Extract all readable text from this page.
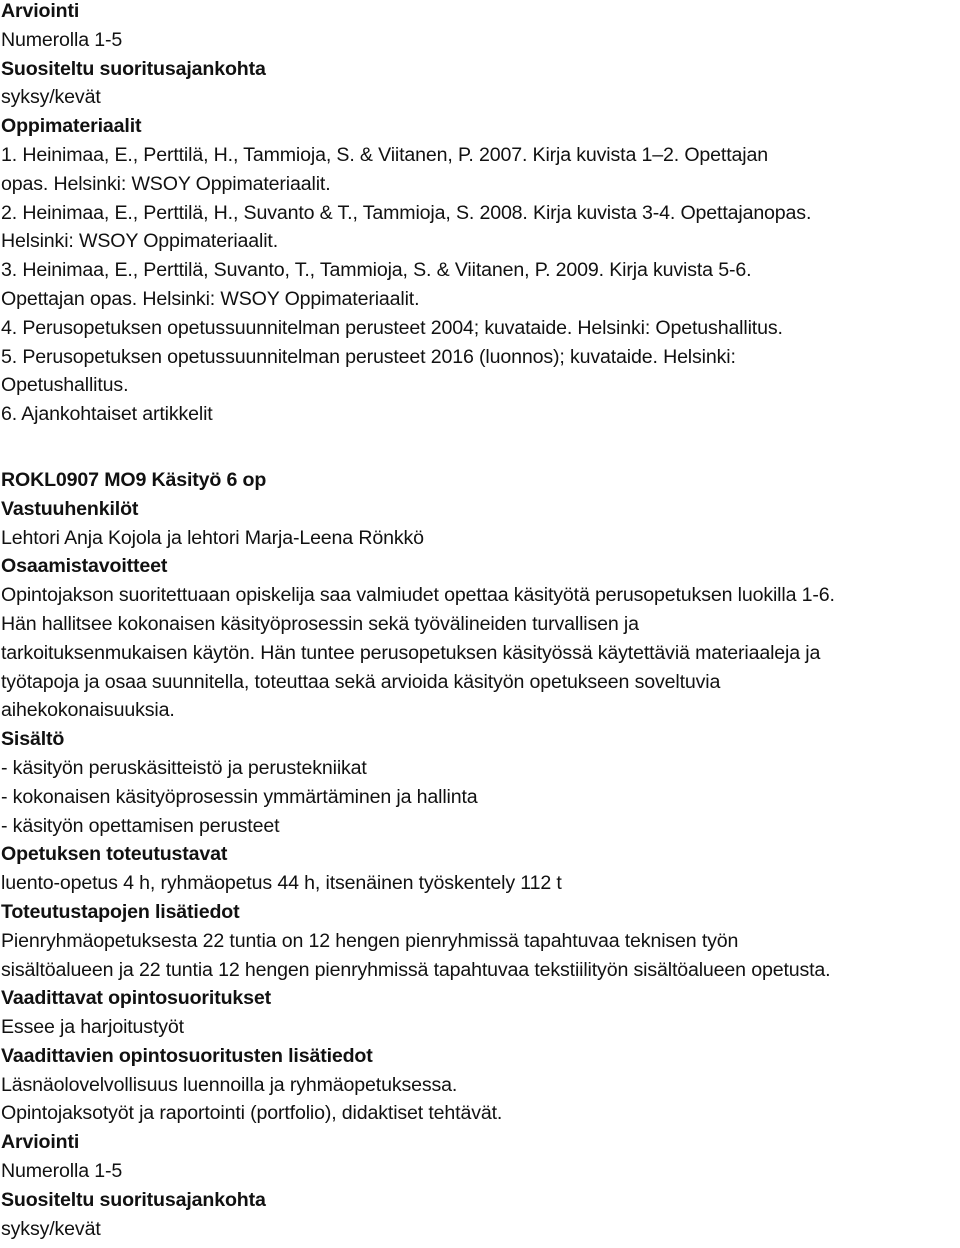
Arviointi
Numerolla 1-5
Suositeltu suoritusajankohta
syksy/kevät
Oppimateriaalit
1. Heinimaa, E., Perttilä, H., Tammioja, S. & Viitanen, P. 2007. Kirja kuvista 1–2. Opettajan
opas. Helsinki: WSOY Oppimateriaalit.
2. Heinimaa, E., Perttilä, H., Suvanto & T., Tammioja, S. 2008. Kirja kuvista 3-4. Opettajanopas.
Helsinki: WSOY Oppimateriaalit.
3. Heinimaa, E., Perttilä, Suvanto, T., Tammioja, S. & Viitanen, P. 2009. Kirja kuvista 5-6.
Opettajan opas. Helsinki: WSOY Oppimateriaalit.
4. Perusopetuksen opetussuunnitelman perusteet 2004; kuvataide. Helsinki: Opetushallitus.
5. Perusopetuksen opetussuunnitelman perusteet 2016 (luonnos); kuvataide. Helsinki:
Opetushallitus.
6. Ajankohtaiset artikkelit
ROKL0907 MO9 Käsityö 6 op
Vastuuhenkilöt
Lehtori Anja Kojola ja lehtori Marja-Leena Rönkkö
Osaamistavoitteet
Opintojakson suoritettuaan opiskelija saa valmiudet opettaa käsityötä perusopetuksen luokilla 1-6.
Hän hallitsee kokonaisen käsityöprosessin sekä työvälineiden turvallisen ja
tarkoituksenmukaisen käytön. Hän tuntee perusopetuksen käsityössä käytettäviä materiaaleja ja
työtapoja ja osaa suunnitella, toteuttaa sekä arvioida käsityön opetukseen soveltuvia
aihekokonaisuuksia.
Sisältö
- käsityön peruskäsitteistö ja perustekniikat
- kokonaisen käsityöprosessin ymmärtäminen ja hallinta
- käsityön opettamisen perusteet
Opetuksen toteutustavat
luento-opetus 4 h, ryhmäopetus 44 h, itsenäinen työskentely 112 t
Toteutustapojen lisätiedot
Pienryhmäopetuksesta 22 tuntia on 12 hengen pienryhmissä tapahtuvaa teknisen työn
sisältöalueen ja 22 tuntia 12 hengen pienryhmissä tapahtuvaa tekstiilityön sisältöalueen opetusta.
Vaadittavat opintosuoritukset
Essee ja harjoitustyöt
Vaadittavien opintosuoritusten lisätiedot
Läsnäolovelvollisuus luennoilla ja ryhmäopetuksessa.
Opintojaksotyöt ja raportointi (portfolio), didaktiset tehtävät.
Arviointi
Numerolla 1-5
Suositeltu suoritusajankohta
syksy/kevät
